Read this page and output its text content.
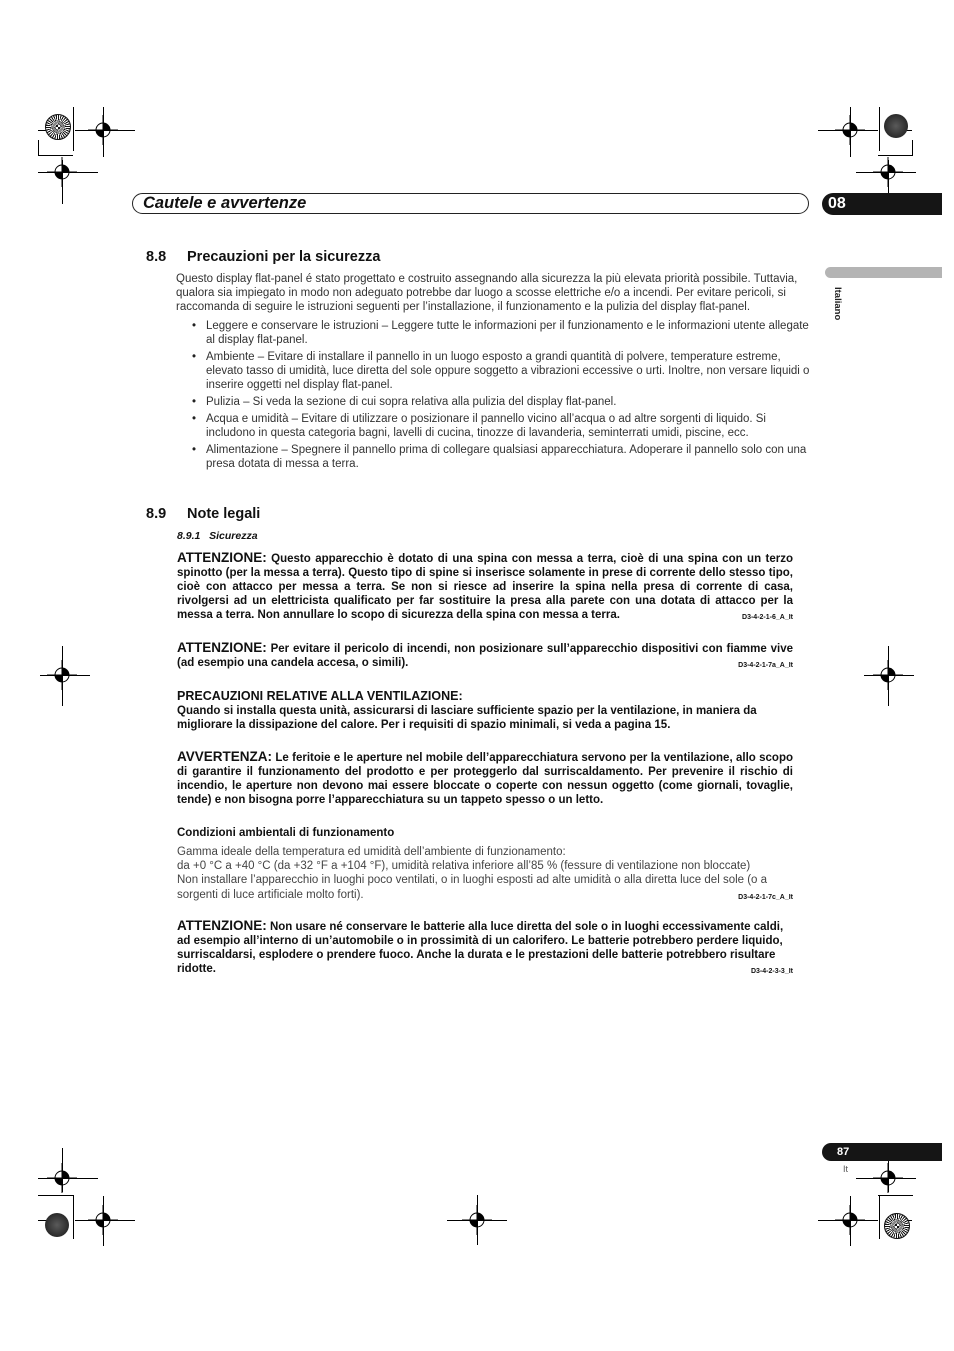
Cautele e avvertenze	08
Italiano
8.8 Precauzioni per la sicurezza

Questo display flat-panel é stato progettato e costruito assegnando alla sicurezza la più elevata priorità possibile. Tuttavia, qualora sia impiegato in modo non adeguato potrebbe dar luogo a scosse elettriche e/o a incendi. Per evitare pericoli, si raccomanda di seguire le istruzioni seguenti per l’installazione, il funzionamento e la pulizia del display flat-panel.

• Leggere e conservare le istruzioni – Leggere tutte le informazioni per il funzionamento e le informazioni utente allegate al display flat-panel.

• Ambiente – Evitare di installare il pannello in un luogo esposto a grandi quantità di polvere, temperature estreme, elevato tasso di umidità, luce diretta del sole oppure soggetto a vibrazioni eccessive o urti. Inoltre, non versare liquidi o inserire oggetti nel display flat-panel.

• Pulizia – Si veda la sezione di cui sopra relativa alla pulizia del display flat-panel.

• Acqua e umidità – Evitare di utilizzare o posizionare il pannello vicino all’acqua o ad altre sorgenti di liquido. Si includono in questa categoria bagni, lavelli di cucina, tinozze di lavanderia, seminterrati umidi, piscine, ecc.

• Alimentazione – Spegnere il pannello prima di collegare qualsiasi apparecchiatura. Adoperare il pannello solo con una presa dotata di messa a terra.

8.9 Note legali
8.9.1   Sicurezza

ATTENZIONE: Questo apparecchio è dotato di una spina con messa a terra, cioè di una spina con un terzo spinotto (per la messa a terra). Questo tipo di spine si inserisce solamente in prese di corrente dello stesso tipo, cioè con attacco per messa a terra. Se non si riesce ad inserire la spina nella presa di corrente di casa, rivolgersi ad un elettricista qualificato per far sostituire la presa alla parete con una dotata di attacco per la messa a terra. Non annullare lo scopo di sicurezza della spina con messa a terra.	D3-4-2-1-6_A_It

ATTENZIONE: Per evitare il pericolo di incendi, non posizionare sull’apparecchio dispositivi con fiamme vive (ad esempio una candela accesa, o simili).	D3-4-2-1-7a_A_It

PRECAUZIONI RELATIVE ALLA VENTILAZIONE:

Quando si installa questa unità, assicurarsi di lasciare sufficiente spazio per la ventilazione, in maniera da migliorare la dissipazione del calore. Per i requisiti di spazio minimali, si veda a pagina 15.

AVVERTENZA: Le feritoie e le aperture nel mobile dell’apparecchiatura servono per la ventilazione, allo scopo di garantire il funzionamento del prodotto e per proteggerlo dal surriscaldamento. Per prevenire il rischio di incendio, le aperture non devono mai essere bloccate o coperte con nessun oggetto (come giornali, tovaglie, tende) e non bisogna porre l’apparecchiatura su un tappeto spesso o un letto.

Condizioni ambientali di funzionamento

Gamma ideale della temperatura ed umidità dell’ambiente di funzionamento:

da +0 °C a +40 °C (da +32 °F a +104 °F), umidità relativa inferiore all’85 % (fessure di ventilazione non bloccate)

Non installare l’apparecchio in luoghi poco ventilati, o in luoghi esposti ad alte umidità o alla diretta luce del sole (o a sorgenti di luce artificiale molto forti).	D3-4-2-1-7c_A_It

ATTENZIONE: Non usare né conservare le batterie alla luce diretta del sole o in luoghi eccessivamente caldi, ad esempio all’interno di un’automobile o in prossimità di un calorifero. Le batterie potrebbero perdere liquido, surriscaldarsi, esplodere o prendere fuoco. Anche la durata e le prestazioni delle batterie potrebbero risultare ridotte.	D3-4-2-3-3_It

87
It
